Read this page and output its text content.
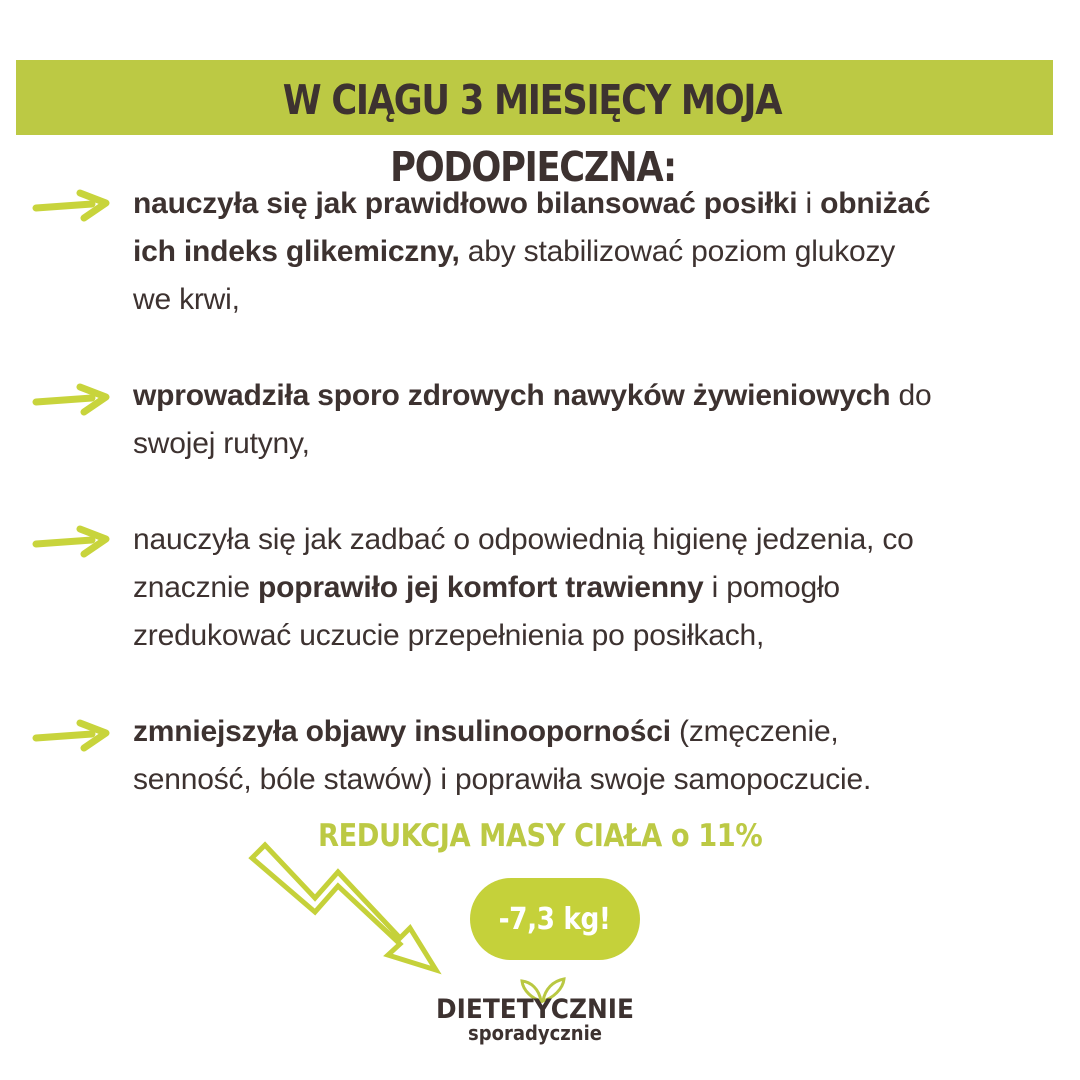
W CIĄGU 3 MIESIĘCY MOJA
PODOPIECZNA:
nauczyła się jak prawidłowo bilansować posiłki i obniżać
ich indeks glikemiczny, aby stabilizować poziom glukozy
we krwi,
wprowadziła sporo zdrowych nawyków żywieniowych do
swojej rutyny,
nauczyła się jak zadbać o odpowiednią higienę jedzenia, co
znacznie poprawiło jej komfort trawienny i pomogło
zredukować uczucie przepełnienia po posiłkach,
zmniejszyła objawy insulinooporności (zmęczenie,
senność, bóle stawów) i poprawiła swoje samopoczucie.
REDUKCJA MASY CIAŁA o 11%
-7,3 kg!
DIETETYCZNIE
sporadycznie
